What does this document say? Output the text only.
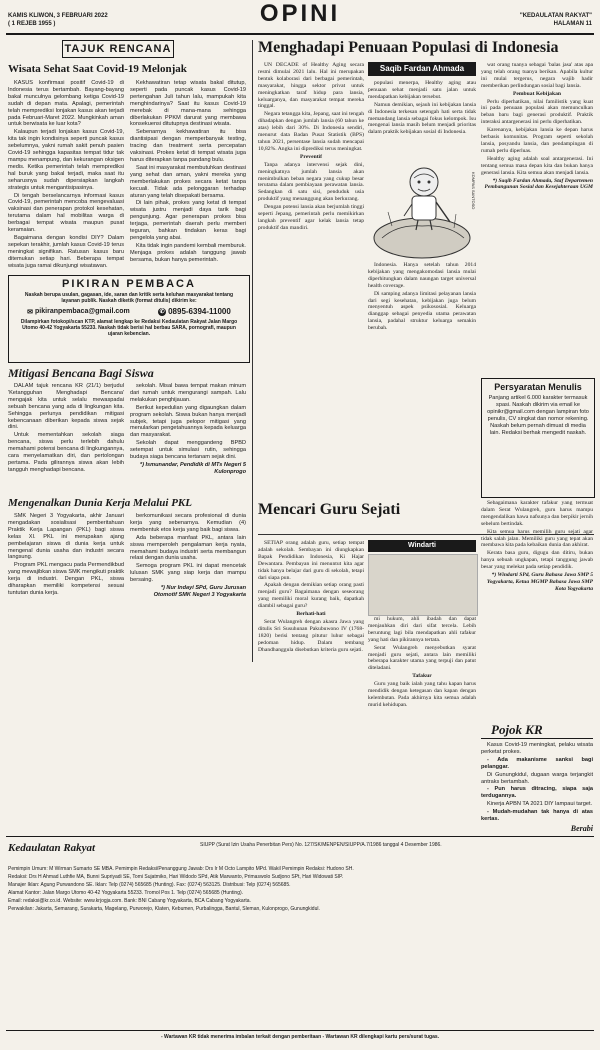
OPINI
KAMIS KLIWON, 3 FEBRUARI 2022
( 1 REJEB 1955 )
"KEDAULATAN RAKYAT"
HALAMAN 11
TAJUK RENCANA
Wisata Sehat Saat Covid-19 Melonjak

KASUS konfirmasi positif Covid-19 di Indonesia terus bertambah. Bayang-bayang bakal munculnya gelombang ketiga Covid-19 sudah di depan mata. Apalagi, pemerintah telah memprediksi lonjakan kasus akan terjadi pada Februari-Maret 2022. Mungkinkah aman untuk berwisata ke luar kota?

Kalaupun terjadi lonjakan kasus Covid-19, kita tak ingin kondisinya seperti puncak kasus sebelumnya, yakni rumah sakit penuh pasien Covid-19 sehingga kapasitas tempat tidur tak mampu menampung, dan kekurangan oksigen medis. Ketika pemerintah telah memprediksi hal buruk yang bakal terjadi, maka saat itu seharusnya sudah dipersiapkan langkah strategis untuk mengantisipasinya.

Di tengah berselancarnya informasi kasus Covid-19, pemerintah mencoba mengevaluasi vaksinasi dan penerapan protokol kesehatan, terutama dalam hal mobilitas warga di berbagai tempat wisata maupun pusat keramaian.

Bagaimana dengan kondisi DIY? Dalam sepekan terakhir, jumlah kasus Covid-19 terus meningkat signifikan. Ratusan kasus baru ditemukan setiap hari. Beberapa tempat wisata juga ramai dikunjungi wisatawan.

Kekhawatiran tetap wisata bakal ditutup, seperti pada puncak kasus Covid-19 pertengahan Juli tahun lalu, mampukah kita menghindarinya? Saat itu kasus Covid-19 merebak di mana-mana sehingga diberlakukan PPKM darurat yang membawa konsekuensi ditutupnya destinasi wisata.

Sebenarnya kekhawatiran itu bisa diantisipasi dengan memperbanyak testing, tracing dan treatment serta percepatan vaksinasi. Prokes ketat di tempat wisata juga harus diterapkan tanpa pandang bulu.

Saat ini masyarakat membutuhkan destinasi yang sehat dan aman, yakni mereka yang memberlakukan prokes secara ketat tanpa kecuali. Tidak ada pelonggaran terhadap aturan yang telah disepakati bersama.

Di lain pihak, prokes yang ketat di tempat wisata justru menjadi daya tarik bagi pengunjung. Agar penerapan prokes bisa terjaga, pemerintah daerah perlu memberi teguran, bahkan tindakan keras bagi pengelola yang abai.

Kita tidak ingin pandemi kembali memburuk. Menjaga prokes adalah tanggung jawab bersama, bukan hanya pemerintah.

PIKIRAN PEMBACA
Naskah berupa usulan, gagasan, ide, saran dan kritik serta keluhan masyarakat tentang layanan publik. Naskah diketik (format ditulis) dikirim ke:
✉ pikiranpembaca@gmail.com	✆ 0895-6394-11000
Dilampirkan fotokopi/scan KTP, alamat lengkap ke Redaksi Kedaulatan Rakyat Jalan Margo Utomo 40-42 Yogyakarta 55233. Naskah tidak berisi hal berbau SARA, pornografi, maupun ujaran kebencian.
Mitigasi Bencana Bagi Siswa

DALAM tajuk rencana KR (21/1) berjudul 'Ketangguhan Menghadapi Bencana' mengajak kita untuk selalu mewaspadai sebuah bencana yang ada di lingkungan kita. Sehingga perlunya pendidikan mitigasi kebencanaan diberikan kepada siswa sejak dini.

Untuk mementahkan sekolah siaga bencana, siswa perlu terlebih dahulu memahami potensi bencana di lingkungannya, cara menyelamatkan diri, dan pertolongan pertama. Pada gilirannya siswa akan lebih tangguh menghadapi bencana.

sekolah. Misal bawa tempat makan minum dari rumah untuk mengurangi sampah. Lalu melakukan penghijauan.

Berikut kepedulian yang digaungkan dalam program sekolah. Siswa bukan hanya menjadi subjek, tetapi juga pelopor mitigasi yang menularkan pengetahuannya kepada keluarga dan masyarakat.

Sekolah dapat menggandeng BPBD setempat untuk simulasi rutin, sehingga budaya siaga bencana tertanam sejak dini.

*) Ismunandar, Pendidik di MTs Negeri 5 Kulonprogo

Mengenalkan Dunia Kerja Melalui PKL

SMK Negeri 3 Yogyakarta, akhir Januari mengadakan sosialisasi pemberitahuan Praktik Kerja Lapangan (PKL) bagi siswa kelas XI. PKL ini merupakan ajang pembelajaran siswa di dunia kerja untuk mengenal dunia usaha dan industri secara langsung.

Program PKL mengacu pada Permendikbud yang mewajibkan siswa SMK mengikuti praktik kerja di industri. Dengan PKL, siswa diharapkan memiliki kompetensi sesuai tuntutan dunia kerja.

berkomunikasi secara profesional di dunia kerja yang sebenarnya. Kemudian (4) membentuk etos kerja yang baik bagi siswa.

Ada beberapa manfaat PKL, antara lain siswa memperoleh pengalaman kerja nyata, memahami budaya industri serta membangun relasi dengan dunia usaha.

Semoga program PKL ini dapat mencetak lulusan SMK yang siap kerja dan mampu bersaing.

*) Nur Indayi SPd, Guru Jurusan Otomotif SMK Negeri 3 Yogyakarta

Menghadapi Penuaan Populasi di Indonesia

UN DECADE of Healthy Aging secara resmi dimulai 2021 lalu. Hal ini merupakan bentuk kolaborasi dari berbagai pemerintah, masyarakat, hingga sektor privat untuk meningkatkan taraf hidup para lansia, keluarganya, dan masyarakat tempat mereka tinggal.

Negara tetangga kita, Jepang, saat ini tengah dihadapkan dengan jumlah lansia (60 tahun ke atas) lebih dari 30%. Di Indonesia sendiri, menurut data Badan Pusat Statistik (BPS) tahun 2021, persentase lansia sudah mencapai 10,82%. Angka ini diprediksi terus meningkat.

Preventif

Tanpa adanya intervensi sejak dini, meningkatnya jumlah lansia akan menimbulkan beban negara yang cukup besar terutama dalam pembiayaan perawatan lansia. Sedangkan di satu sisi, penduduk usia produktif yang menanggung akan berkurang.

Dengan potensi lansia akan berjumlah tinggi seperti Jepang, pemerintah perlu memikirkan langkah preventif agar kelak lansia tetap produktif dan mandiri.

Saqib Fardan Ahmada

populasi menerpa, Healthy aging atau penuaan sehat menjadi satu jalan untuk mendapatkan kebijakan tersebut.

Namun demikian, sejauh ini kebijakan lansia di Indonesia terkesan setengah hati serta tidak memandang lansia sebagai fokus kelompok. Isu mengenai lansia masih belum menjadi prioritas dalam praktik kebijakan sosial di Indonesia.

KOMPAS SANTOSO

Indonesia. Hanya setelah tahun 2014 kebijakan yang mengakomodasi lansia mulai diperhitungkan dalam naungan target universal health coverage.

Di samping adanya limitasi pelayanan lansia dari segi kesehatan, kebijakan juga belum menyentuh aspek psikososial. Keluarga dianggap sebagai penyedia utama perawatan lansia, padahal struktur keluarga semakin berubah.

wat orang tuanya sebagai 'balas jasa' atas apa yang telah orang tuanya berikan. Apabila kultur ini mulai tergerus, negara wajib hadir memberikan perlindungan sosial bagi lansia.

Pembuat Kebijakan

Perlu diperhatikan, nilai familistik yang kuat ini pada penuaan populasi akan memunculkan beban baru bagi generasi produktif. Praktik interaksi antargenerasi ini perlu diperhatikan.

Karenanya, kebijakan lansia ke depan harus berbasis komunitas. Program seperti sekolah lansia, posyandu lansia, dan pendampingan di rumah perlu diperluas.

Healthy aging adalah soal antargenerasi. Ini tentang semua masa depan kita dan bukan hanya generasi lansia. Kita semua akan menjadi lansia.

*) Saqib Fardan Ahmada, Staf Departemen Pembangunan Sosial dan Kesejahteraan UGM

Persyaratan Menulis
Panjang artikel 6.000 karakter termasuk spasi. Naskah dikirim via email ke opinikr@gmail.com dengan lampiran foto penulis, CV singkat dan nomor rekening. Naskah belum pernah dimuat di media lain. Redaksi berhak mengedit naskah.
Mencari Guru Sejati

SETIAP orang adalah guru, setiap tempat adalah sekolah. Sembayan ini diungkapkan Bapak Pendidikan Indonesia, Ki Hajar Dewantara. Pembayan ini menuntut kita agar tidak hanya belajar dari guru di sekolah, tetapi dari siapa pun.

Apakah dengan demikian setiap orang pasti menjadi guru? Bagaimana dengan seseorang yang memiliki moral kurang baik, dapatkah diambil sebagai guru?

Berhati-hati

Serat Wulangreh dengan akasra Jawa yang ditulis Sri Susuhunan Pakubuwono IV (1768-1820) berisi tentang pitutur luhur sebagai pedoman hidup. Dalam tembang Dhandhanggula disebutkan kriteria guru sejati.

Windarti

mi hukum, ahli ibadah dan dapat menjauhkan diri dari sifat tercela. Lebih beruntung lagi bila mendapatkan ahli tafakur yang hati dan pikirannya tertata.

Serat Wulangreh menyebutkan syarat menjadi guru sejati, antara lain memiliki beberapa karakter utama yang terpuji dan patut diteladani.

Tafakur

Guru yang baik ialah yang tahu kapan harus mendidik dengan ketegasan dan kapan dengan kelembutan. Pada akhirnya kita semua adalah murid kehidupan.

Sebagaimana karakter tafakur yang termuat dalam Serat Wulangreh, guru harus mampu mengendalikan hawa nafsunya dan berpikir jernih sebelum bertindak.

Kita semua harus memilih guru sejati agar tidak salah jalan. Memiliki guru yang tepat akan membawa kita pada kebaikan dunia dan akhirat.

Kerata basa guru, digugu dan ditiru, bukan hanya sebuah ungkapan, tetapi tanggung jawab besar yang melekat pada setiap pendidik.

*) Windarti SPd, Guru Bahasa Jawa SMP 5 Yogyakarta, Ketua MGMP Bahasa Jawa SMP Kota Yogyakarta

Pojok KR

Kasus Covid-19 meningkat, pelaku wisata perketat prokes.

- Ada makanisme sanksi bagi pelanggar.

Di Gunungkidul, dugaan warga terjangkit antraks bertambah.

- Pun harus ditracing, siapa saja terdugannya.

Kinerja APBN TA 2021 DIY lampaui target.

- Mudah-mudahan tak hanya di atas kertas.

Berabi
Kedaulatan Rakyat	SIUPP (Surat Izin Usaha Penerbitan Pers) No. 127/SK/MENPEN/SIUPP/A.7/1986 tanggal 4 Desember 1986.

Pemimpin Umum: M Wirman Sumarto SE MBA. Pemimpin Redaksi/Penanggung Jawab: Drs Ir M Octo Lampito MPd. Wakil Pemimpin Redaksi: Hudono SH.

Redaksi: Drs H Ahmad Luthfie MA, Bunni Supriyadi SE, Tomi Sujatmiko, Hari Widodo SPd, Atik Marwanto, Primaswolo Sudjono SPt, Hari Widowati SIP.

Manajer Iklan: Agung Purwandono SE. Iklan: Telp (0274) 565685 (Hunting). Fax: (0274) 563125. Distribusi: Telp (0274) 565685.

Alamat Kantor: Jalan Margo Utomo 40-42 Yogyakarta 55233. Tromol Pos 1. Telp (0274) 565685 (Hunting).

Email: redaksi@kr.co.id. Website: www.krjogja.com. Bank: BNI Cabang Yogyakarta, BCA Cabang Yogyakarta.

Perwakilan: Jakarta, Semarang, Surakarta, Magelang, Purworejo, Klaten, Kebumen, Purbalingga, Bantul, Sleman, Kulonprogo, Gunungkidul.

- Wartawan KR tidak menerima imbalan terkait dengan pemberitaan - Wartawan KR dilengkapi kartu pers/surat tugas.
